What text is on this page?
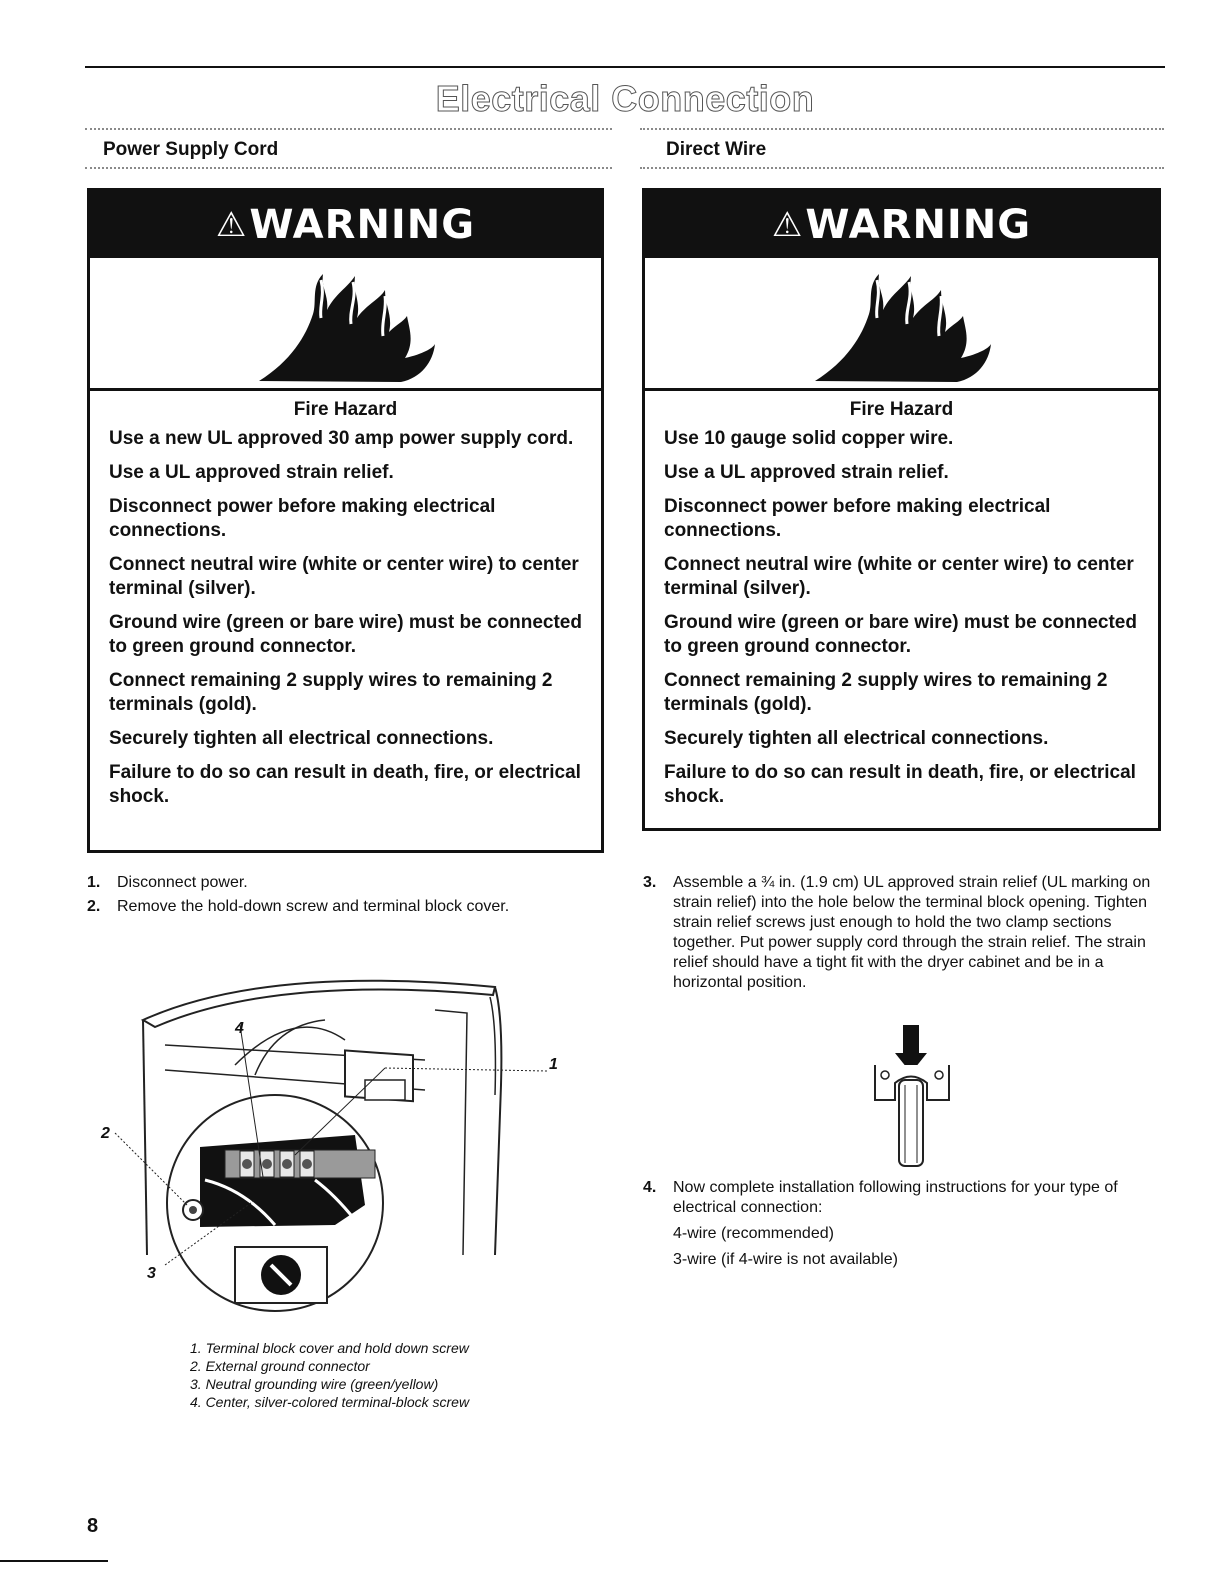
Electrical Connection
Power Supply Cord	Direct Wire
⚠ WARNING
Fire Hazard
Use a new UL approved 30 amp power supply cord.
Use a UL approved strain relief.
Disconnect power before making electrical connections.
Connect neutral wire (white or center wire) to center terminal (silver).
Ground wire (green or bare wire) must be connected to green ground connector.
Connect remaining 2 supply wires to remaining 2 terminals (gold).
Securely tighten all electrical connections.
Failure to do so can result in death, fire, or electrical shock.
⚠ WARNING
Fire Hazard
Use 10 gauge solid copper wire.
Use a UL approved strain relief.
Disconnect power before making electrical connections.
Connect neutral wire (white or center wire) to center terminal (silver).
Ground wire (green or bare wire) must be connected to green ground connector.
Connect remaining 2 supply wires to remaining 2 terminals (gold).
Securely tighten all electrical connections.
Failure to do so can result in death, fire, or electrical shock.
1. Disconnect power.
2. Remove the hold-down screw and terminal block cover.
1
2
3
4
1. Terminal block cover and hold down screw
2. External ground connector
3. Neutral grounding wire (green/yellow)
4. Center, silver-colored terminal-block screw
3. Assemble a ¾ in. (1.9 cm) UL approved strain relief (UL marking on strain relief) into the hole below the terminal block opening. Tighten strain relief screws just enough to hold the two clamp sections together. Put power supply cord through the strain relief. The strain relief should have a tight fit with the dryer cabinet and be in a horizontal position.
4. Now complete installation following instructions for your type of electrical connection:
4-wire (recommended)
3-wire (if 4-wire is not available)
8
